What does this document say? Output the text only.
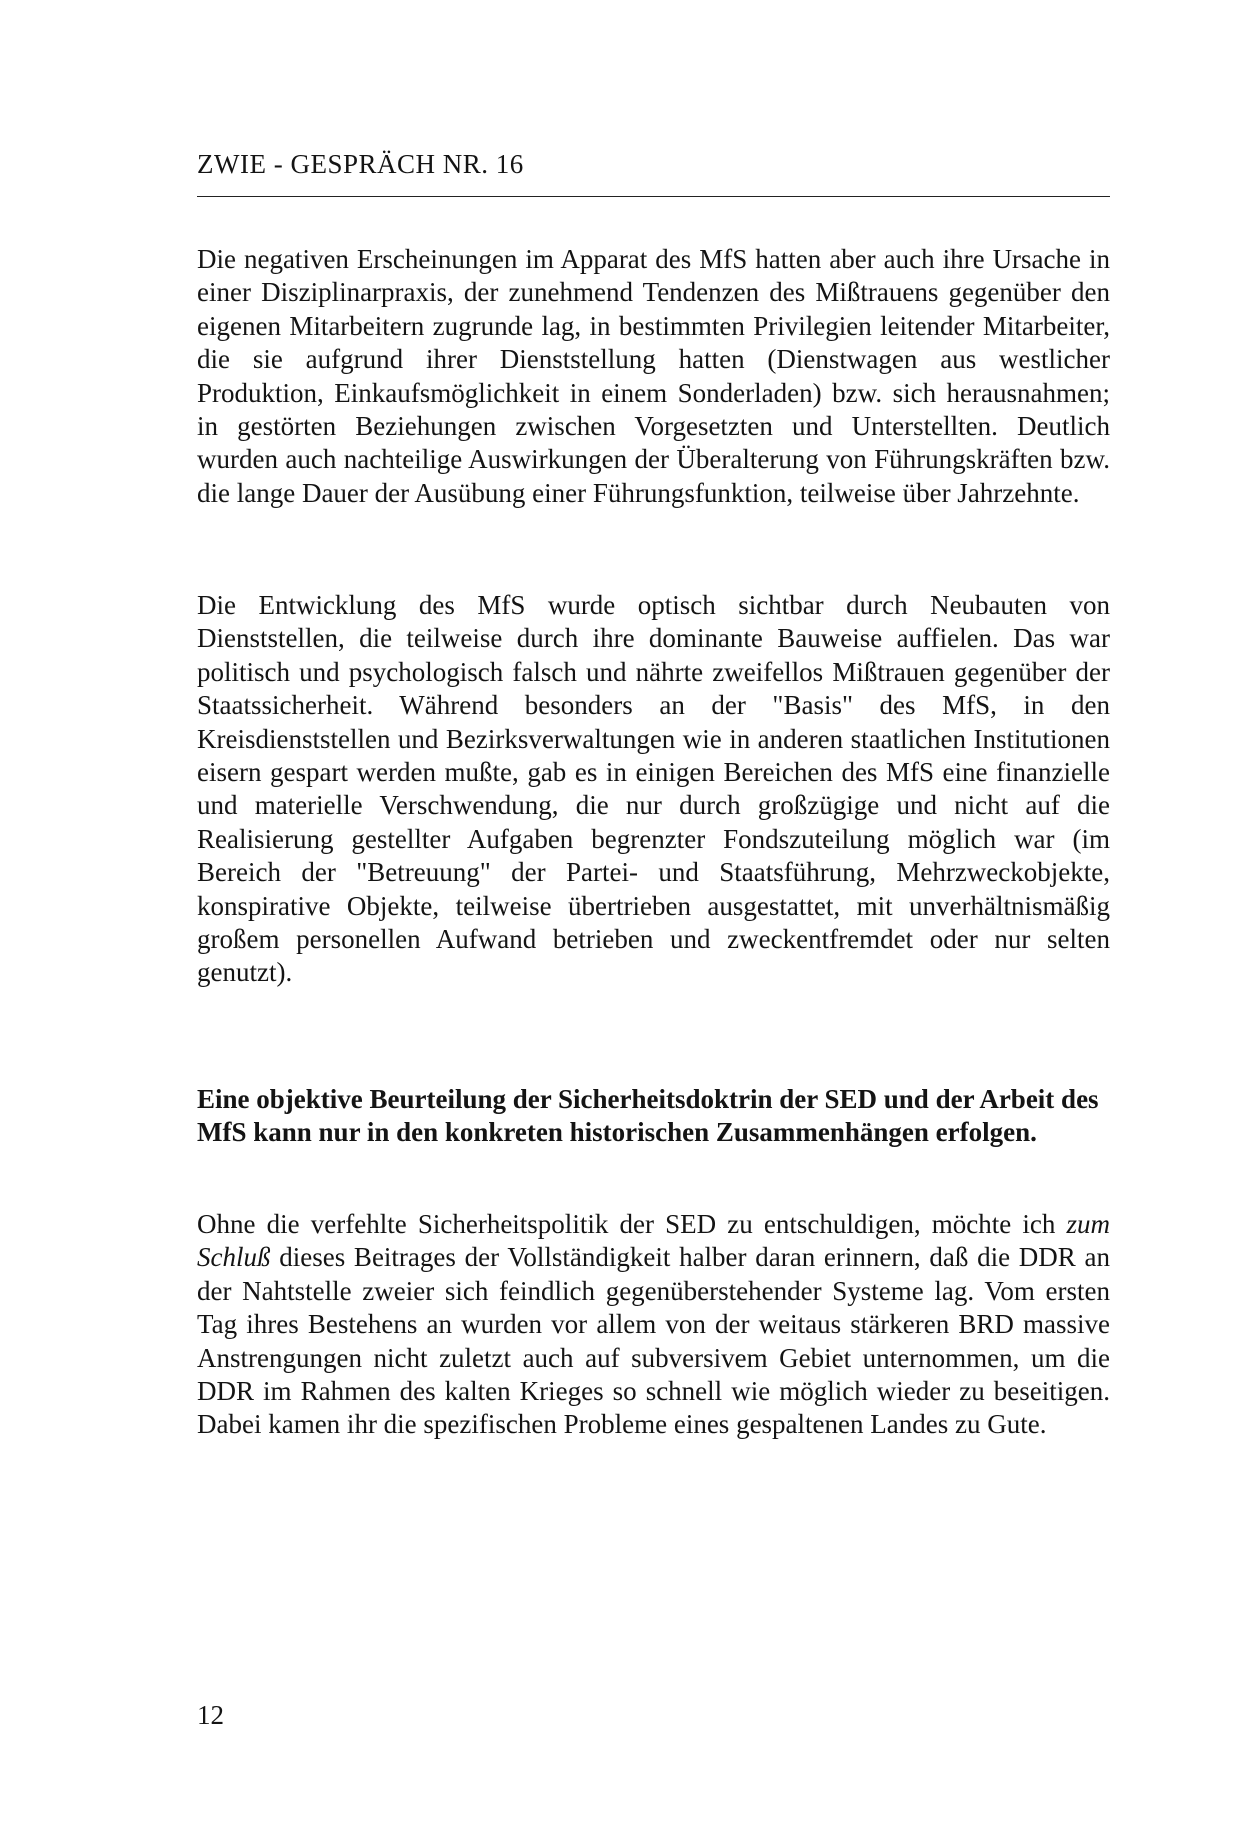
ZWIE - GESPRÄCH NR. 16

Die negativen Erscheinungen im Apparat des MfS hatten aber auch ihre Ursache in einer Disziplinarpraxis, der zunehmend Tendenzen des Mißtrauens gegenüber den eigenen Mitarbeitern zugrunde lag, in bestimmten Privilegien leitender Mitarbeiter, die sie aufgrund ihrer Dienststellung hatten (Dienstwagen aus westlicher Produktion, Einkaufsmöglichkeit in einem Sonderladen) bzw. sich herausnahmen; in gestörten Beziehungen zwischen Vorgesetzten und Unterstellten. Deutlich wurden auch nachteilige Auswirkungen der Überalterung von Führungskräften bzw. die lange Dauer der Ausübung einer Führungsfunktion, teilweise über Jahrzehnte.

Die Entwicklung des MfS wurde optisch sichtbar durch Neubauten von Dienststellen, die teilweise durch ihre dominante Bauweise auffielen. Das war politisch und psychologisch falsch und nährte zweifellos Mißtrauen gegenüber der Staatssicherheit. Während besonders an der "Basis" des MfS, in den Kreisdienststellen und Bezirksverwaltungen wie in anderen staatlichen Institutionen eisern gespart werden mußte, gab es in einigen Bereichen des MfS eine finanzielle und materielle Verschwendung, die nur durch großzügige und nicht auf die Realisierung gestellter Aufgaben begrenzter Fondszuteilung möglich war (im Bereich der "Betreuung" der Partei- und Staatsführung, Mehrzweckobjekte, konspirative Objekte, teilweise übertrieben ausgestattet, mit unverhältnismäßig großem personellen Aufwand betrieben und zweckentfremdet oder nur selten genutzt).

Eine objektive Beurteilung der Sicherheitsdoktrin der SED und der Arbeit des MfS kann nur in den konkreten historischen Zusammenhängen erfolgen.

Ohne die verfehlte Sicherheitspolitik der SED zu entschuldigen, möchte ich zum Schluß dieses Beitrages der Vollständigkeit halber daran erinnern, daß die DDR an der Nahtstelle zweier sich feindlich gegenüberstehender Systeme lag. Vom ersten Tag ihres Bestehens an wurden vor allem von der weitaus stärkeren BRD massive Anstrengungen nicht zuletzt auch auf subversivem Gebiet unternommen, um die DDR im Rahmen des kalten Krieges so schnell wie möglich wieder zu beseitigen. Dabei kamen ihr die spezifischen Probleme eines gespaltenen Landes zu Gute.

12
